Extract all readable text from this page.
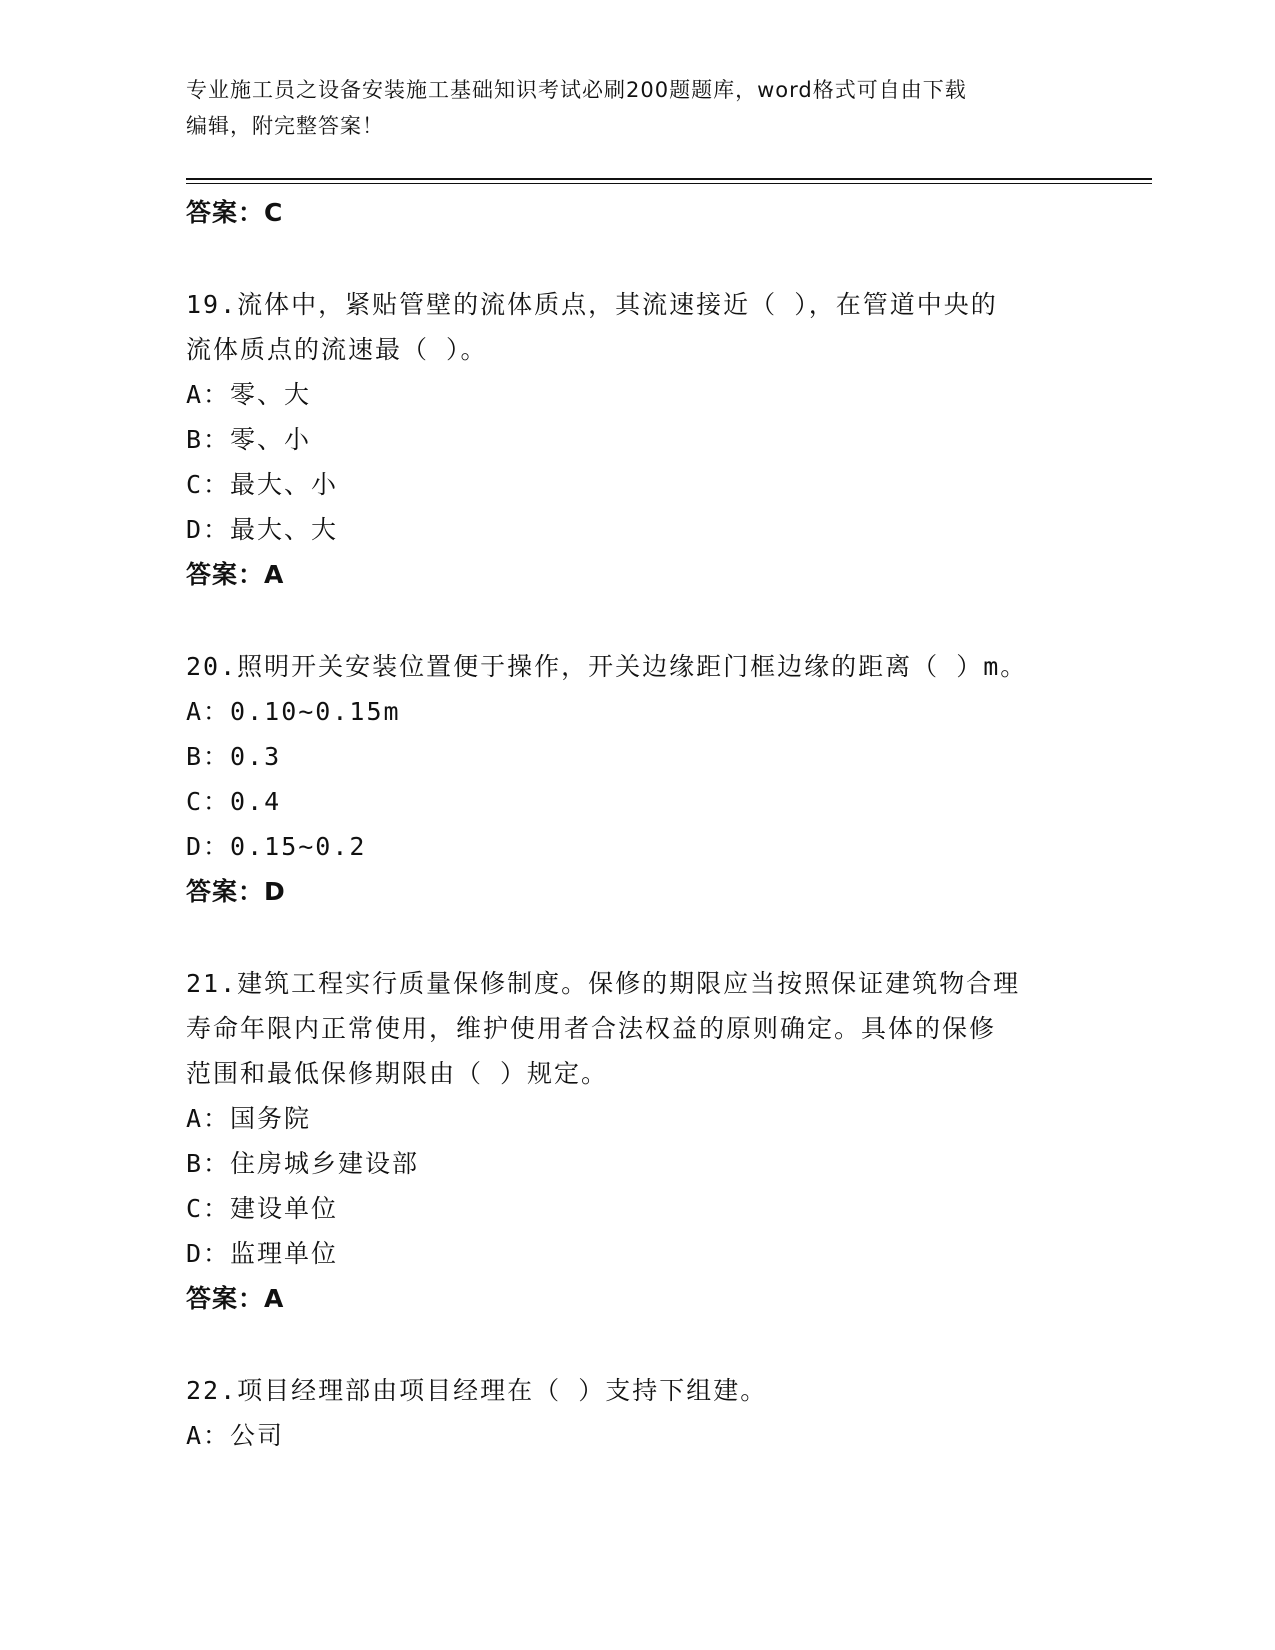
专业施工员之设备安装施工基础知识考试必刷200题题库，word格式可自由下载
编辑，附完整答案！
答案：C
19.流体中，紧贴管壁的流体质点，其流速接近（ ），在管道中央的
流体质点的流速最（ ）。
A：零、大
B：零、小
C：最大、小
D：最大、大
答案：A
20.照明开关安装位置便于操作，开关边缘距门框边缘的距离（ ）m。
A：0.10~0.15m
B：0.3
C：0.4
D：0.15~0.2
答案：D
21.建筑工程实行质量保修制度。保修的期限应当按照保证建筑物合理
寿命年限内正常使用，维护使用者合法权益的原则确定。具体的保修
范围和最低保修期限由（ ）规定。
A：国务院
B：住房城乡建设部
C：建设单位
D：监理单位
答案：A
22.项目经理部由项目经理在（ ）支持下组建。
A：公司
